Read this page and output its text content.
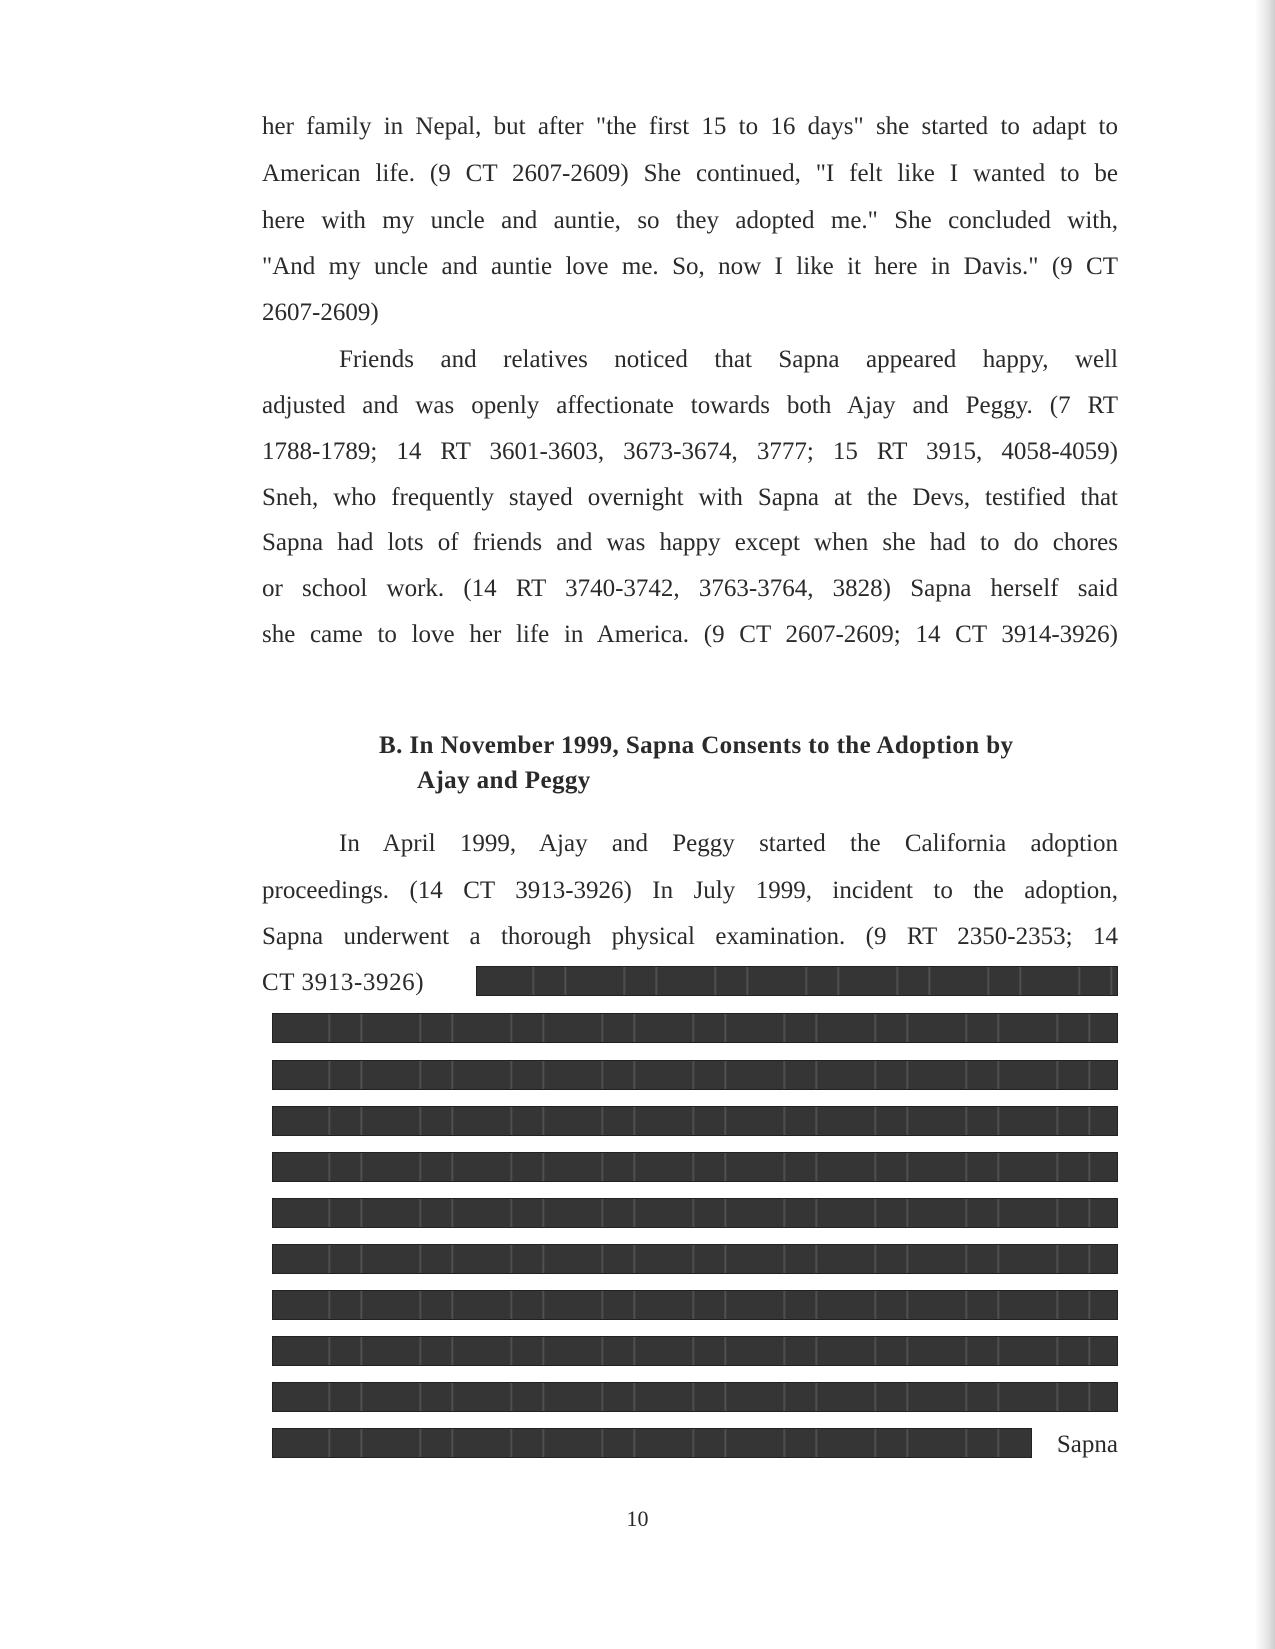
her family in Nepal, but after "the first 15 to 16 days" she started to adapt to
American life. (9 CT 2607-2609) She continued, "I felt like I wanted to be
here with my uncle and auntie, so they adopted me." She concluded with,
"And my uncle and auntie love me. So, now I like it here in Davis." (9 CT
2607-2609)
Friends and relatives noticed that Sapna appeared happy, well
adjusted and was openly affectionate towards both Ajay and Peggy. (7 RT
1788-1789; 14 RT 3601-3603, 3673-3674, 3777; 15 RT 3915, 4058-4059)
Sneh, who frequently stayed overnight with Sapna at the Devs, testified that
Sapna had lots of friends and was happy except when she had to do chores
or school work. (14 RT 3740-3742, 3763-3764, 3828) Sapna herself said
she came to love her life in America. (9 CT 2607-2609; 14 CT 3914-3926)
B. In November 1999, Sapna Consents to the Adoption by
Ajay and Peggy
In April 1999, Ajay and Peggy started the California adoption
proceedings. (14 CT 3913-3926) In July 1999, incident to the adoption,
Sapna underwent a thorough physical examination. (9 RT 2350-2353; 14
CT 3913-3926)
Sapna
10
